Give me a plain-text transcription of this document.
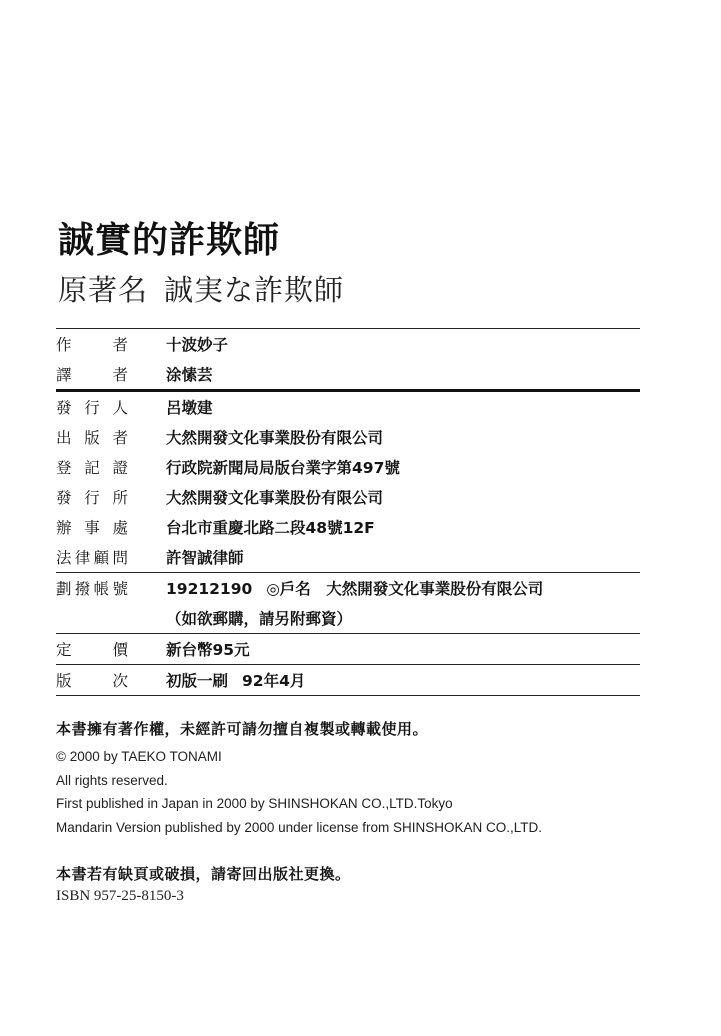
誠實的詐欺師
原著名 誠実な詐欺師
作	者 十波妙子
譯	者 涂愫芸
發 行 人 呂墩建
出 版 者 大然開發文化事業股份有限公司
登 記 證 行政院新聞局局版台業字第497號
發 行 所 大然開發文化事業股份有限公司
辦 事 處 台北市重慶北路二段48號12F
法 律 顧 問 許智誠律師
劃 撥 帳 號 19212190 ◎戶名　大然開發文化事業股份有限公司
（如欲郵購，請另附郵資）
定	價 新台幣95元
版	次 初版一刷 92年4月
本書擁有著作權，未經許可請勿擅自複製或轉載使用。
© 2000 by TAEKO TONAMI
All rights reserved.
First published in Japan in 2000 by SHINSHOKAN CO.,LTD.Tokyo
Mandarin Version published by 2000 under license from SHINSHOKAN CO.,LTD.
本書若有缺頁或破損，請寄回出版社更換。
ISBN 957-25-8150-3
